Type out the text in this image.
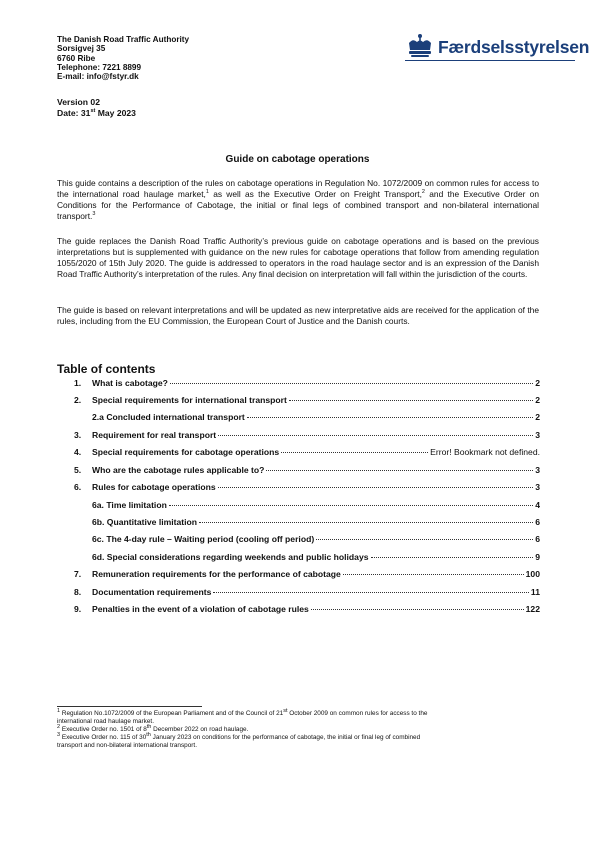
The Danish Road Traffic Authority
Sorsigvej 35
6760 Ribe
Telephone: 7221 8899
E-mail: info@fstyr.dk
Færdselsstyrelsen
Version 02
Date: 31st May 2023
Guide on cabotage operations

This guide contains a description of the rules on cabotage operations in Regulation No. 1072/2009 on common rules for access to the international road haulage market,$^1$ as well as the Executive Order on Freight Transport,$^2$ and the Executive Order on Conditions for the Performance of Cabotage, the initial or final legs of combined transport and non-bilateral international transport.$^3$

The guide replaces the Danish Road Traffic Authority’s previous guide on cabotage operations and is based on the previous interpretations but is supplemented with guidance on the new rules for cabotage operations that follow from amending regulation 1055/2020 of 15th July 2020. The guide is addressed to operators in the road haulage sector and is an expression of the Danish Road Traffic Authority’s interpretation of the rules. Any final decision on interpretation will fall within the jurisdiction of the courts.

The guide is based on relevant interpretations and will be updated as new interpretative aids are received for the application of the rules, including from the EU Commission, the European Court of Justice and the Danish courts.

Table of contents
1.	What is cabotage?	2
2.	Special requirements for international transport	2
2.a Concluded international transport	2
3.	Requirement for real transport	3
4.	Special requirements for cabotage operations	Error! Bookmark not defined.
5.	Who are the cabotage rules applicable to?	3
6.	Rules for cabotage operations	3
6a. Time limitation	4
6b. Quantitative limitation	6
6c. The 4-day rule – Waiting period (cooling off period)	6
6d. Special considerations regarding weekends and public holidays	9
7.	Remuneration requirements for the performance of cabotage	100
8.	Documentation requirements	11
9.	Penalties in the event of a violation of cabotage rules	122
$^1$ Regulation No.1072/2009 of the European Parliament and of the Council of 21st October 2009 on common rules for access to the
international road haulage market.
$^2$ Executive Order no. 1501 of 8th December 2022 on road haulage.
$^3$ Executive Order no. 115 of 30th January 2023 on conditions for the performance of cabotage, the initial or final leg of combined
transport and non-bilateral international transport.
